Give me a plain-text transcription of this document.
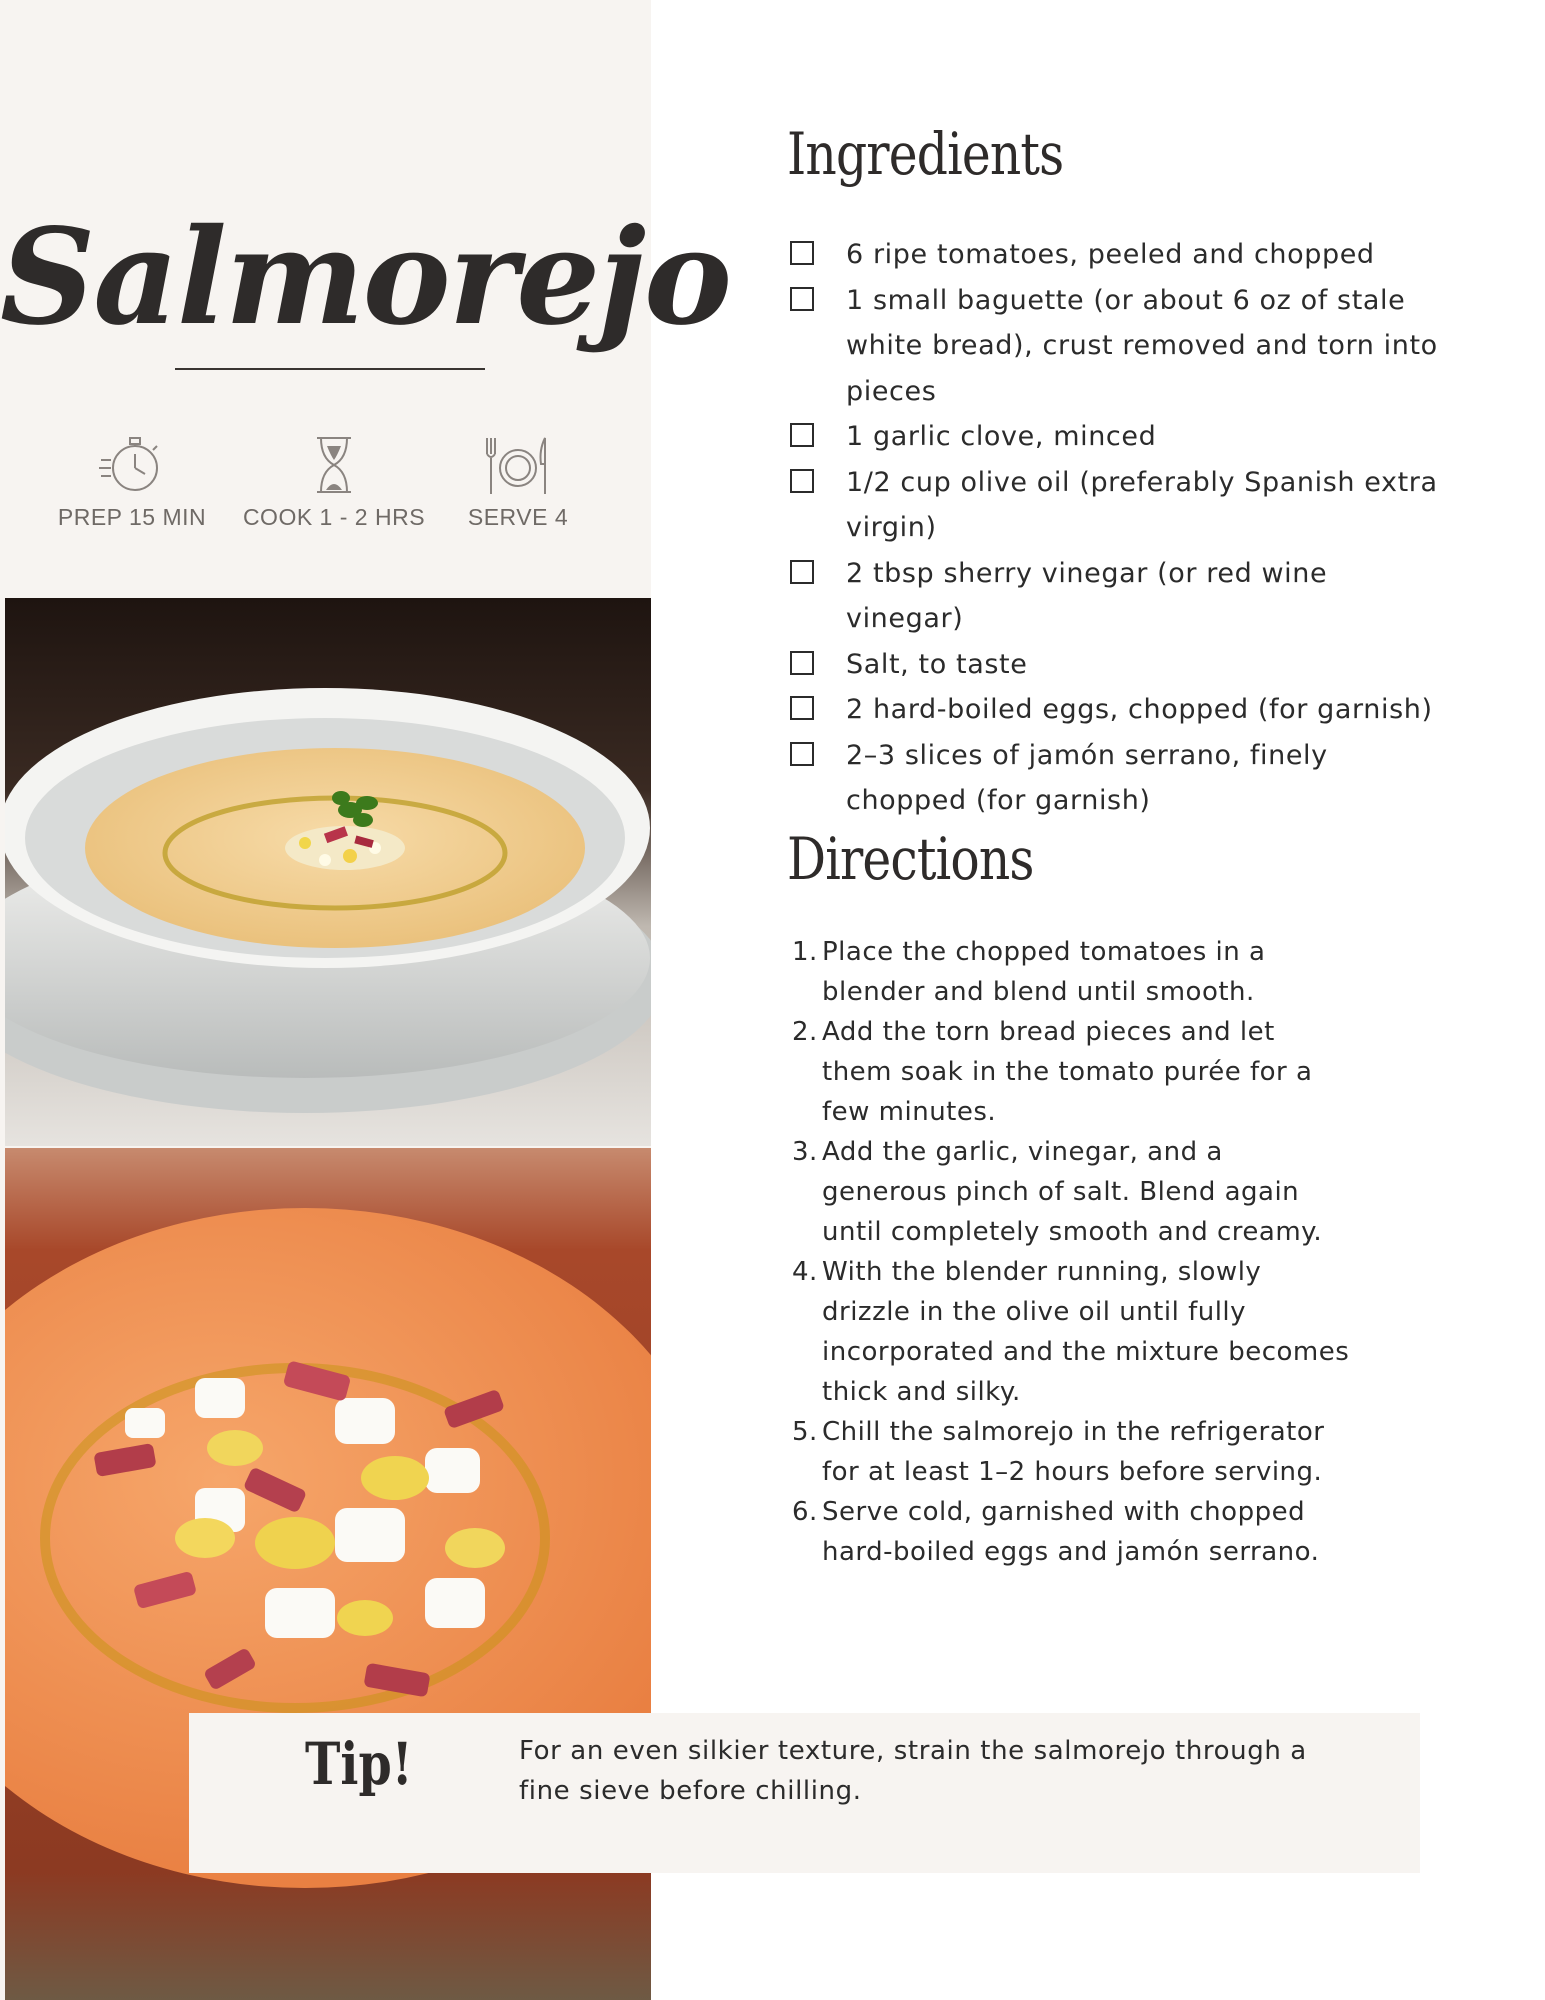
Salmorejo
PREP 15 MIN	COOK 1 - 2 HRS	SERVE 4
Ingredients
6 ripe tomatoes, peeled and chopped
1 small baguette (or about 6 oz of stale white bread), crust removed and torn into pieces
1 garlic clove, minced
1/2 cup olive oil (preferably Spanish extra virgin)
2 tbsp sherry vinegar (or red wine vinegar)
Salt, to taste
2 hard-boiled eggs, chopped (for garnish)
2–3 slices of jamón serrano, finely chopped (for garnish)
Directions
1. Place the chopped tomatoes in a blender and blend until smooth.
2. Add the torn bread pieces and let them soak in the tomato purée for a few minutes.
3. Add the garlic, vinegar, and a generous pinch of salt. Blend again until completely smooth and creamy.
4. With the blender running, slowly drizzle in the olive oil until fully incorporated and the mixture becomes thick and silky.
5. Chill the salmorejo in the refrigerator for at least 1–2 hours before serving.
6. Serve cold, garnished with chopped hard-boiled eggs and jamón serrano.
Tip!	For an even silkier texture, strain the salmorejo through a fine sieve before chilling.
